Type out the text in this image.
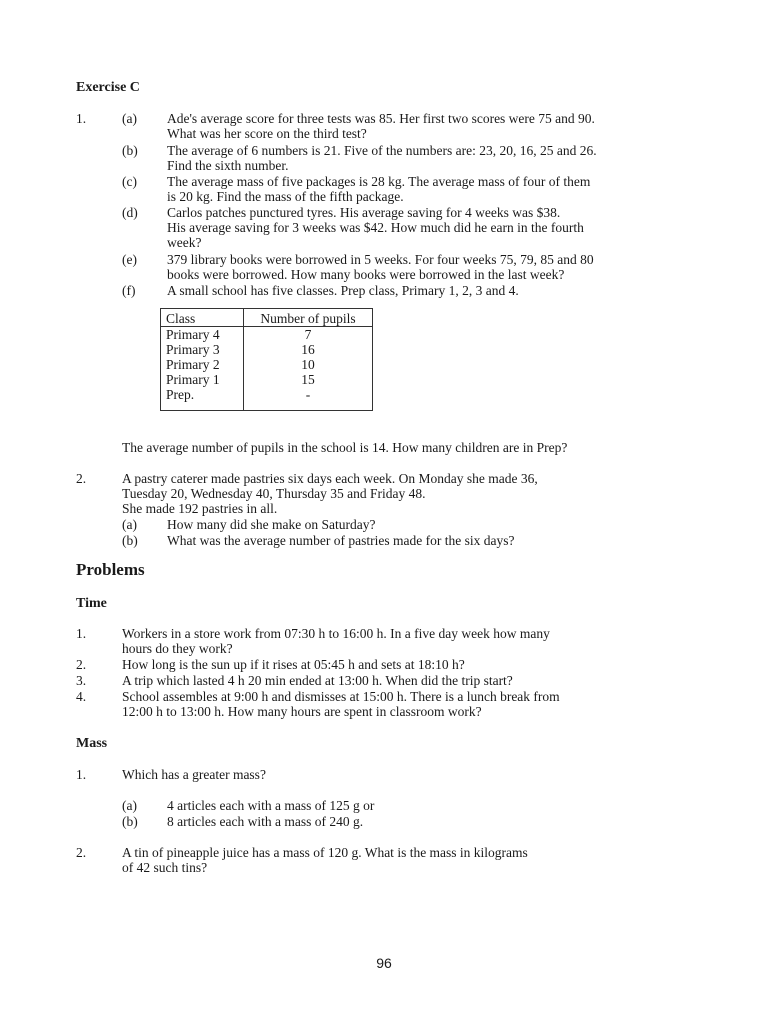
Exercise C
1.	(a) Ade's average score for three tests was 85. Her first two scores were 75 and 90.
What was her score on the third test?
(b) The average of 6 numbers is 21. Five of the numbers are: 23, 20, 16, 25 and 26.
Find the sixth number.
(c) The average mass of five packages is 28 kg. The average mass of four of them
is 20 kg. Find the mass of the fifth package.
(d) Carlos patches punctured tyres. His average saving for 4 weeks was $38.
His average saving for 3 weeks was $42. How much did he earn in the fourth
week?
(e) 379 library books were borrowed in 5 weeks. For four weeks 75, 79, 85 and 80
books were borrowed. How many books were borrowed in the last week?
(f) A small school has five classes. Prep class, Primary 1, 2, 3 and 4.
Class	Number of pupils
Primary 4	7
Primary 3	16
Primary 2	10
Primary 1	15
Prep.	-
The average number of pupils in the school is 14. How many children are in Prep?
2.	A pastry caterer made pastries six days each week. On Monday she made 36,
Tuesday 20, Wednesday 40, Thursday 35 and Friday 48.
She made 192 pastries in all.
(a) How many did she make on Saturday?
(b) What was the average number of pastries made for the six days?
Problems
Time
1.	Workers in a store work from 07:30 h to 16:00 h. In a five day week how many
hours do they work?
2.	How long is the sun up if it rises at 05:45 h and sets at 18:10 h?
3.	A trip which lasted 4 h 20 min ended at 13:00 h. When did the trip start?
4.	School assembles at 9:00 h and dismisses at 15:00 h. There is a lunch break from
12:00 h to 13:00 h. How many hours are spent in classroom work?
Mass
1.	Which has a greater mass?
(a) 4 articles each with a mass of 125 g or
(b) 8 articles each with a mass of 240 g.
2.	A tin of pineapple juice has a mass of 120 g. What is the mass in kilograms
of 42 such tins?
96
